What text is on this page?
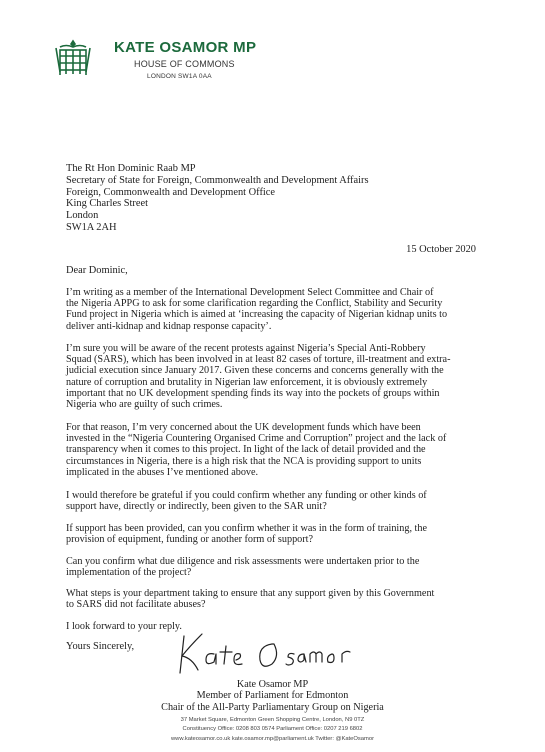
KATE OSAMOR MP
HOUSE OF COMMONS
LONDON SW1A 0AA
The Rt Hon Dominic Raab MP
Secretary of State for Foreign, Commonwealth and Development Affairs
Foreign, Commonwealth and Development Office
King Charles Street
London
SW1A 2AH
15 October 2020
Dear Dominic,
I’m writing as a member of the International Development Select Committee and Chair of
the Nigeria APPG to ask for some clarification regarding the Conflict, Stability and Security
Fund project in Nigeria which is aimed at ‘increasing the capacity of Nigerian kidnap units to
deliver anti-kidnap and kidnap response capacity’.
I’m sure you will be aware of the recent protests against Nigeria’s Special Anti-Robbery
Squad (SARS), which has been involved in at least 82 cases of torture, ill-treatment and extra-
judicial execution since January 2017. Given these concerns and concerns generally with the
nature of corruption and brutality in Nigerian law enforcement, it is obviously extremely
important that no UK development spending finds its way into the pockets of groups within
Nigeria who are guilty of such crimes.
For that reason, I’m very concerned about the UK development funds which have been
invested in the “Nigeria Countering Organised Crime and Corruption” project and the lack of
transparency when it comes to this project. In light of the lack of detail provided and the
circumstances in Nigeria, there is a high risk that the NCA is providing support to units
implicated in the abuses I’ve mentioned above.
I would therefore be grateful if you could confirm whether any funding or other kinds of
support have, directly or indirectly, been given to the SAR unit?
If support has been provided, can you confirm whether it was in the form of training, the
provision of equipment, funding or another form of support?
Can you confirm what due diligence and risk assessments were undertaken prior to the
implementation of the project?
What steps is your department taking to ensure that any support given by this Government
to SARS did not facilitate abuses?
I look forward to your reply.
Yours Sincerely,
Kate Osamor MP
Member of Parliament for Edmonton
Chair of the All-Party Parliamentary Group on Nigeria
37 Market Square, Edmonton Green Shopping Centre, London, N9 0TZ
Constituency Office: 0208 803 0574 Parliament Office: 0207 219 6802
www.kateosamor.co.uk kate.osamor.mp@parliament.uk Twitter: @KateOsamor
